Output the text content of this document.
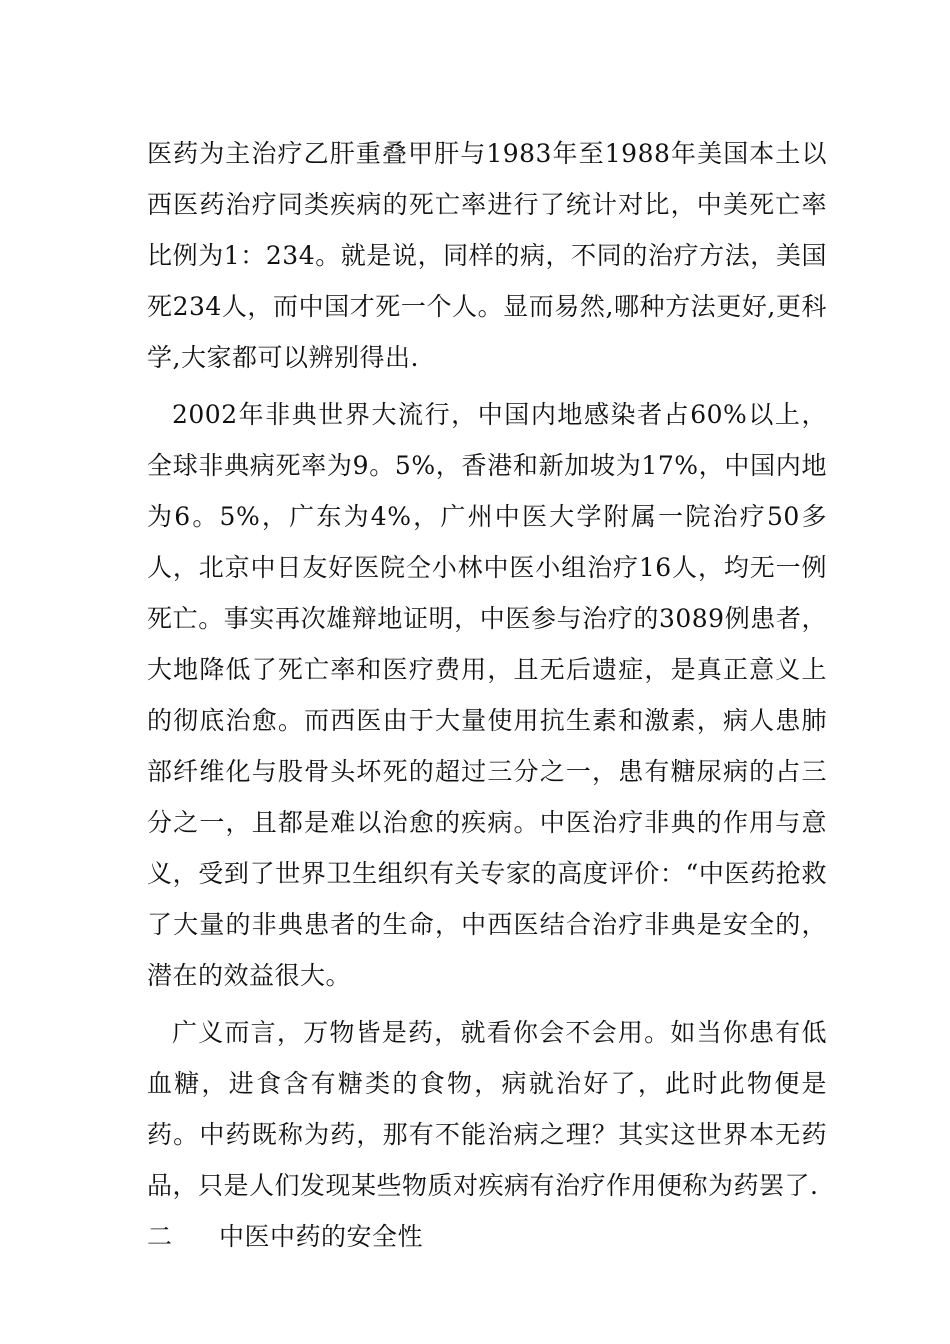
医药为主治疗乙肝重叠甲肝与1983年至1988年美国本土以西医药治疗同类疾病的死亡率进行了统计对比，中美死亡率比例为1：234。就是说，同样的病，不同的治疗方法，美国死234人，而中国才死一个人。显而易然,哪种方法更好,更科学,大家都可以辨别得出.

2002年非典世界大流行，中国内地感染者占60%以上，全球非典病死率为9。5%，香港和新加坡为17%，中国内地为6。5%，广东为4%，广州中医大学附属一院治疗50多人，北京中日友好医院仝小林中医小组治疗16人，均无一例死亡。事实再次雄辩地证明，中医参与治疗的3089例患者，大地降低了死亡率和医疗费用，且无后遗症，是真正意义上的彻底治愈。而西医由于大量使用抗生素和激素，病人患肺部纤维化与股骨头坏死的超过三分之一，患有糖尿病的占三分之一，且都是难以治愈的疾病。中医治疗非典的作用与意义，受到了世界卫生组织有关专家的高度评价：“中医药抢救了大量的非典患者的生命，中西医结合治疗非典是安全的，潜在的效益很大。

广义而言，万物皆是药，就看你会不会用。如当你患有低血糖，进食含有糖类的食物，病就治好了，此时此物便是药。中药既称为药，那有不能治病之理？其实这世界本无药品，只是人们发现某些物质对疾病有治疗作用便称为药罢了.

二 中医中药的安全性
